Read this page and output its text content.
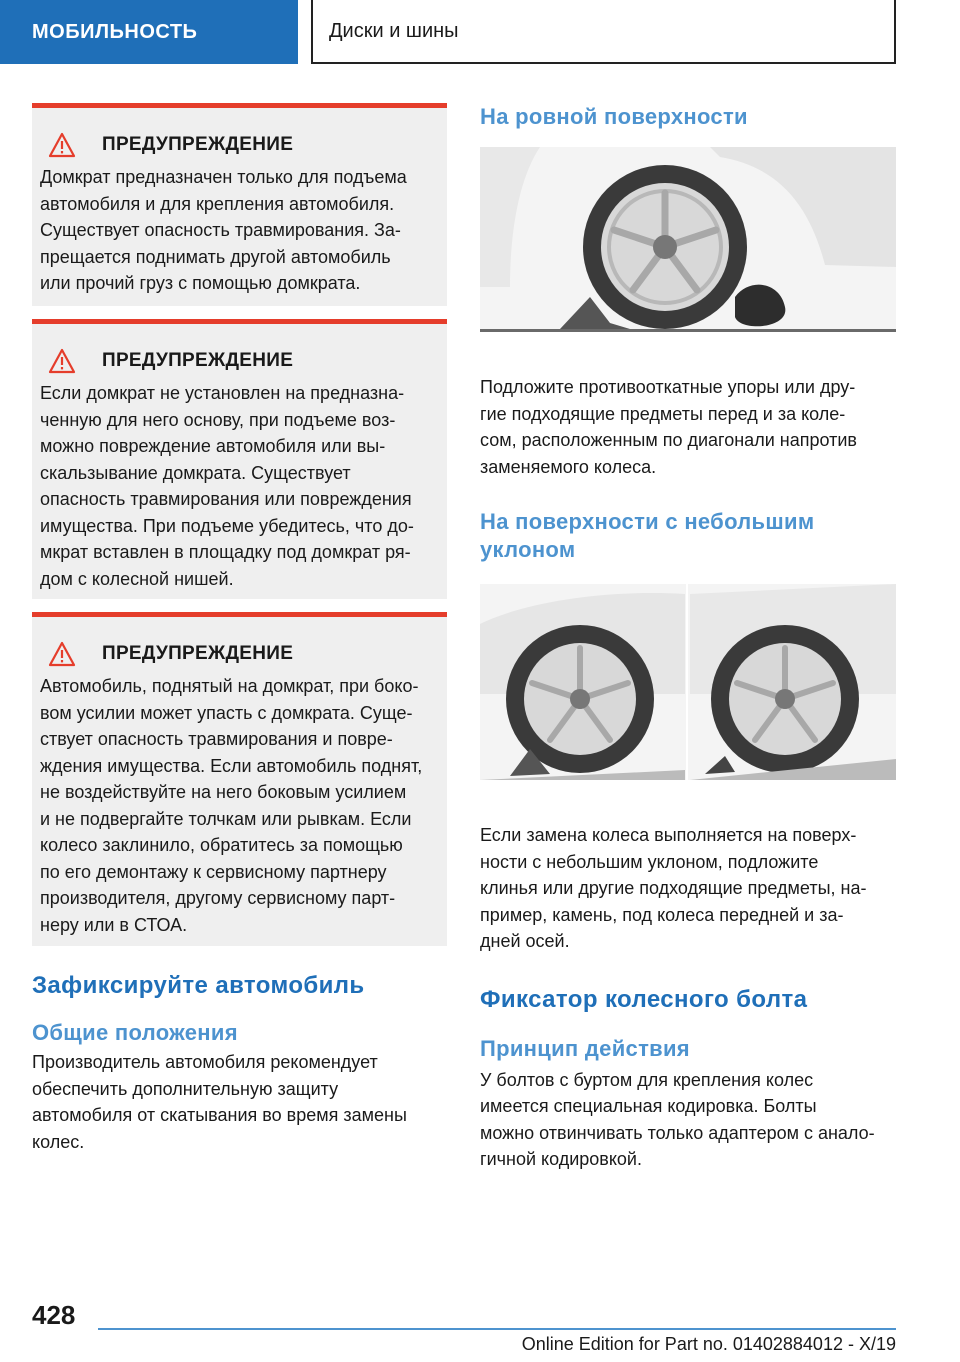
МОБИЛЬНОСТЬ	Диски и шины
ПРЕДУПРЕЖДЕНИЕ

Домкрат предназначен только для подъема
автомобиля и для крепления автомобиля.
Существует опасность травмирования. За-
прещается поднимать другой автомобиль
или прочий груз с помощью домкрата.

ПРЕДУПРЕЖДЕНИЕ

Если домкрат не установлен на предназна-
ченную для него основу, при подъеме воз-
можно повреждение автомобиля или вы-
скальзывание домкрата. Существует
опасность травмирования или повреждения
имущества. При подъеме убедитесь, что до-
мкрат вставлен в площадку под домкрат ря-
дом с колесной нишей.

ПРЕДУПРЕЖДЕНИЕ

Автомобиль, поднятый на домкрат, при боко-
вом усилии может упасть с домкрата. Суще-
ствует опасность травмирования и повре-
ждения имущества. Если автомобиль поднят,
не воздействуйте на него боковым усилием
и не подвергайте толчкам или рывкам. Если
колесо заклинило, обратитесь за помощью
по его демонтажу к сервисному партнеру
производителя, другому сервисному парт-
неру или в СТОА.

Зафиксируйте автомобиль
Общие положения

Производитель автомобиля рекомендует
обеспечить дополнительную защиту
автомобиля от скатывания во время замены
колес.

На ровной поверхности

Подложите противооткатные упоры или дру-
гие подходящие предметы перед и за коле-
сом, расположенным по диагонали напротив
заменяемого колеса.

На поверхности с небольшим
уклоном

Если замена колеса выполняется на поверх-
ности с небольшим уклоном, подложите
клинья или другие подходящие предметы, на-
пример, камень, под колеса передней и за-
дней осей.

Фиксатор колесного болта
Принцип действия

У болтов с буртом для крепления колес
имеется специальная кодировка. Болты
можно отвинчивать только адаптером с анало-
гичной кодировкой.

428
Online Edition for Part no. 01402884012 - X/19
